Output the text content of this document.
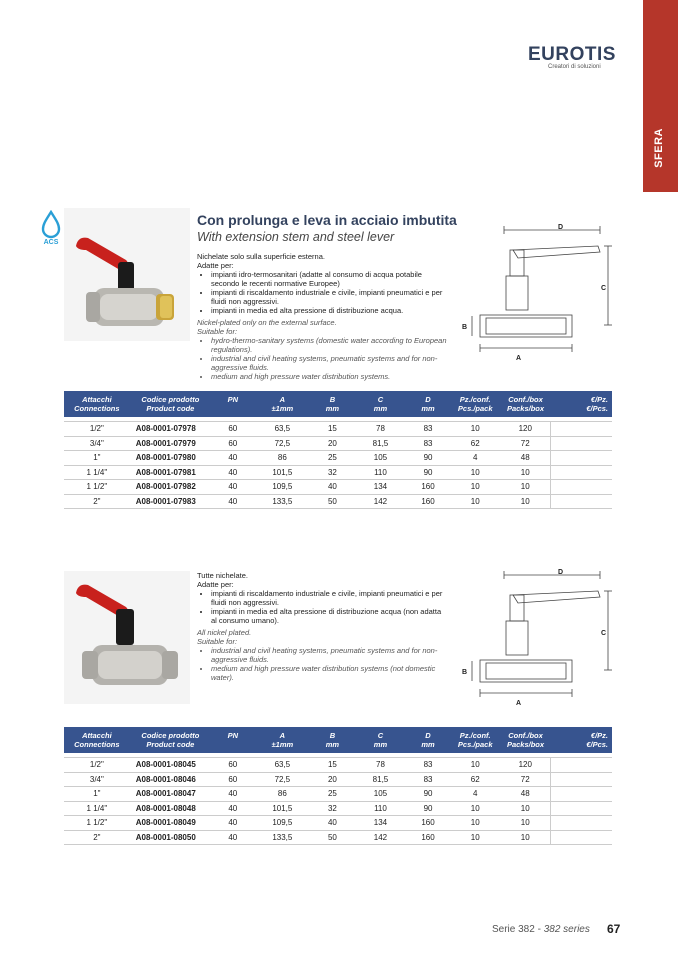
EUROTIS
Creatori di soluzioni
SFERA
ACS
Con prolunga e leva in acciaio imbutita
With extension stem and steel lever
Nichelate solo sulla superficie esterna.
Adatte per:
• impianti idro-termosanitari (adatte al consumo di acqua potabile secondo le recenti normative Europee)
• impianti di riscaldamento industriale e civile, impianti pneumatici e per fluidi non aggressivi.
• impianti in media ed alta pressione di distribuzione acqua.
Nickel-plated only on the external surface.
Suitable for:
• hydro-thermo-sanitary systems (domestic water according to European regulations).
• industrial and civil heating systems, pneumatic systems and for non-aggressive fluids.
• medium and high pressure water distribution systems.
D
C
B
A
Attacchi
Connections	Codice prodotto
Product code	PN	A
±1mm	B
mm	C
mm	D
mm	Pz./conf.
Pcs./pack	Conf./box
Packs/box	€/Pz.
€/Pcs.

1/2"	A08-0001-07978	60	63,5	15	78	83	10	120	
3/4"	A08-0001-07979	60	72,5	20	81,5	83	62	72	
1"	A08-0001-07980	40	86	25	105	90	4	48	
1 1/4"	A08-0001-07981	40	101,5	32	110	90	10	10	
1 1/2"	A08-0001-07982	40	109,5	40	134	160	10	10	
2"	A08-0001-07983	40	133,5	50	142	160	10	10	
Tutte nichelate.
Adatte per:
• impianti di riscaldamento industriale e civile, impianti pneumatici e per fluidi non aggressivi.
• impianti in media ed alta pressione di distribuzione acqua (non adatta al consumo umano).
All nickel plated.
Suitable for:
• industrial and civil heating systems, pneumatic systems and for non-aggressive fluids.
• medium and high pressure water distribution systems (not domestic water).
D
C
B
A
Attacchi
Connections	Codice prodotto
Product code	PN	A
±1mm	B
mm	C
mm	D
mm	Pz./conf.
Pcs./pack	Conf./box
Packs/box	€/Pz.
€/Pcs.

1/2"	A08-0001-08045	60	63,5	15	78	83	10	120	
3/4"	A08-0001-08046	60	72,5	20	81,5	83	62	72	
1"	A08-0001-08047	40	86	25	105	90	4	48	
1 1/4"	A08-0001-08048	40	101,5	32	110	90	10	10	
1 1/2"	A08-0001-08049	40	109,5	40	134	160	10	10	
2"	A08-0001-08050	40	133,5	50	142	160	10	10	
Serie 382 - 382 series 67
